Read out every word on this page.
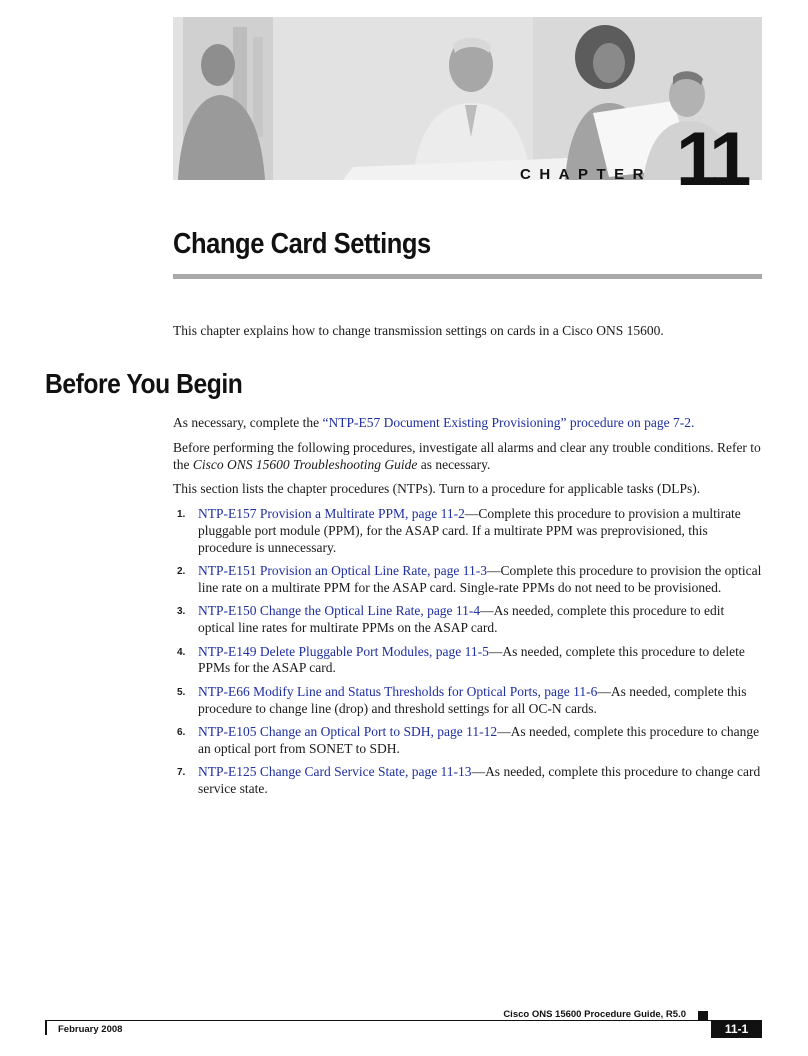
CHAPTER 11
Change Card Settings

This chapter explains how to change transmission settings on cards in a Cisco ONS 15600.

Before You Begin

As necessary, complete the “NTP-E57 Document Existing Provisioning” procedure on page 7-2.

Before performing the following procedures, investigate all alarms and clear any trouble conditions. Refer to the Cisco ONS 15600 Troubleshooting Guide as necessary.

This section lists the chapter procedures (NTPs). Turn to a procedure for applicable tasks (DLPs).

1. NTP-E157 Provision a Multirate PPM, page 11-2—Complete this procedure to provision a multirate pluggable port module (PPM), for the ASAP card. If a multirate PPM was preprovisioned, this procedure is unnecessary.
2. NTP-E151 Provision an Optical Line Rate, page 11-3—Complete this procedure to provision the optical line rate on a multirate PPM for the ASAP card. Single-rate PPMs do not need to be provisioned.
3. NTP-E150 Change the Optical Line Rate, page 11-4—As needed, complete this procedure to edit optical line rates for multirate PPMs on the ASAP card.
4. NTP-E149 Delete Pluggable Port Modules, page 11-5—As needed, complete this procedure to delete PPMs for the ASAP card.
5. NTP-E66 Modify Line and Status Thresholds for Optical Ports, page 11-6—As needed, complete this procedure to change line (drop) and threshold settings for all OC-N cards.
6. NTP-E105 Change an Optical Port to SDH, page 11-12—As needed, complete this procedure to change an optical port from SONET to SDH.
7. NTP-E125 Change Card Service State, page 11-13—As needed, complete this procedure to change card service state.
Cisco ONS 15600 Procedure Guide, R5.0
February 2008	11-1
